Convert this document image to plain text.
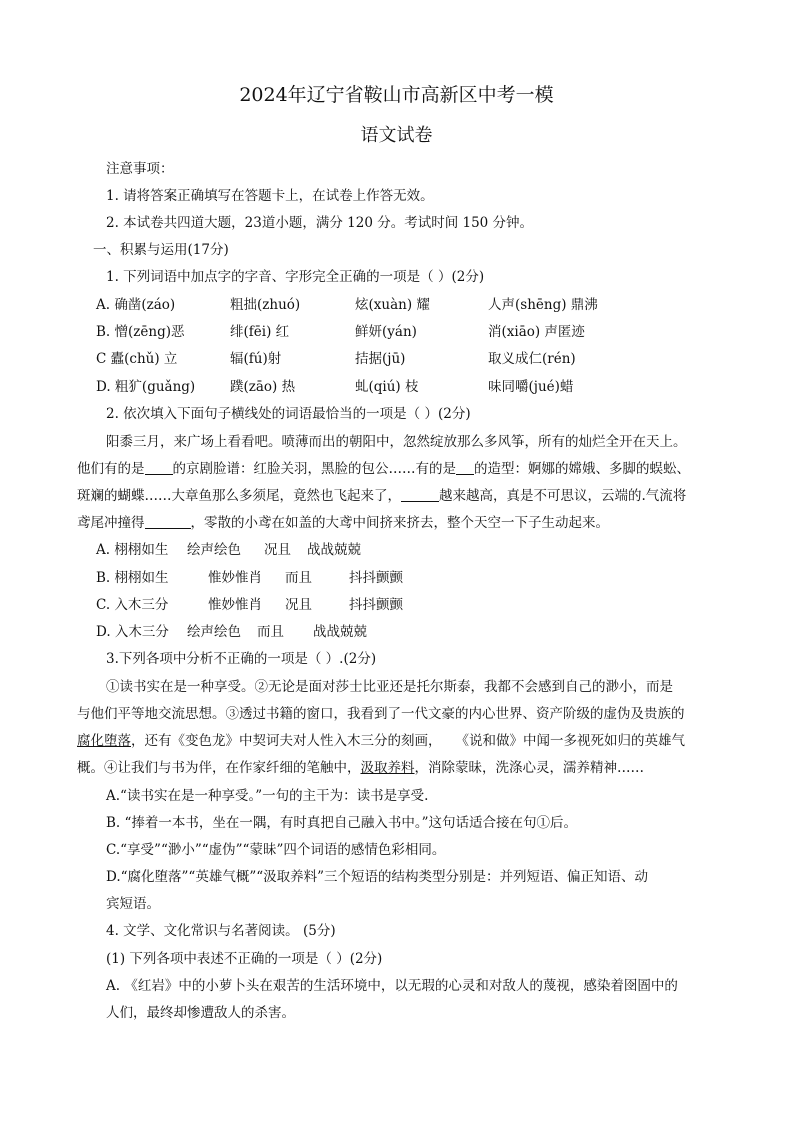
2024年辽宁省鞍山市高新区中考一模
语文试卷
注意事项：
1. 请将答案正确填写在答题卡上，在试卷上作答无效。
2. 本试卷共四道大题，23道小题，满分 120 分。考试时间 150 分钟。
一、积累与运用(17分)
1. 下列词语中加点字的字音、字形完全正确的一项是（ ）(2分)
A. 确凿(záo)	粗拙(zhuó)	炫(xuàn) 耀	人声(shēng) 鼎沸
B. 憎(zēng)恶	绯(fēi) 红	鲜妍(yán)	消(xiāo) 声匿迹
C 蠹(chǔ) 立	辐(fú)射	拮据(jū)	取义成仁(rén)
D. 粗犷(guǎng)	蹼(zāo) 热	虬(qiú) 枝	味同嚼(jué)蜡
2. 依次填入下面句子横线处的词语最恰当的一项是（ ）(2分)
阳黍三月，来广场上看看吧。喷薄而出的朝阳中，忽然绽放那么多风筝，所有的灿烂全开在天上。
他们有的是 的京剧脸谱：红脸关羽，黑脸的包公……有的是 的造型：婀娜的嫦娥、多脚的蜈蚣、
斑斓的蝴蝶……大章鱼那么多须尾，竟然也飞起来了，	越来越高，真是不可思议，云端的.气流将
鸢尾冲撞得	，零散的小鸢在如盖的大鸢中间挤来挤去，整个天空一下子生动起来。
A. 栩栩如生 绘声绘色 况且 战战兢兢
B. 栩栩如生	惟妙惟肖 而且	抖抖颤颤
C. 入木三分	惟妙惟肖 况且	抖抖颤颤
D. 入木三分 绘声绘色 而且 战战兢兢
3.下列各项中分析不正确的一项是（ ）.(2分)
①读书实在是一种享受。②无论是面对莎士比亚还是托尔斯泰，我都不会感到自己的渺小，而是
与他们平等地交流思想。③透过书籍的窗口，我看到了一代文豪的内心世界、资产阶级的虚伪及贵族的
腐化堕落，还有《变色龙》中契诃夫对人性入木三分的刻画， 《说和做》中闻一多视死如归的英雄气
概。④让我们与书为伴，在作家纤细的笔触中，汲取养料，消除蒙昧，洗涤心灵，濡养精神……
A.“读书实在是一种享受。”一句的主干为：读书是享受.
B. “捧着一本书，坐在一隅，有时真把自己融入书中。”这句话适合接在句①后。
C.“享受”“渺小”“虚伪”“蒙昧”四个词语的感情色彩相同。
D.“腐化堕落”“英雄气概”“汲取养料”三个短语的结构类型分别是：并列短语、偏正知语、动
宾短语。
4. 文学、文化常识与名著阅读。 (5分)
(1) 下列各项中表述不正确的一项是（ ）(2分)
A. 《红岩》中的小萝卜头在艰苦的生活环境中，以无瑕的心灵和对敌人的蔑视，感染着囹圄中的
人们，最终却惨遭敌人的杀害。
